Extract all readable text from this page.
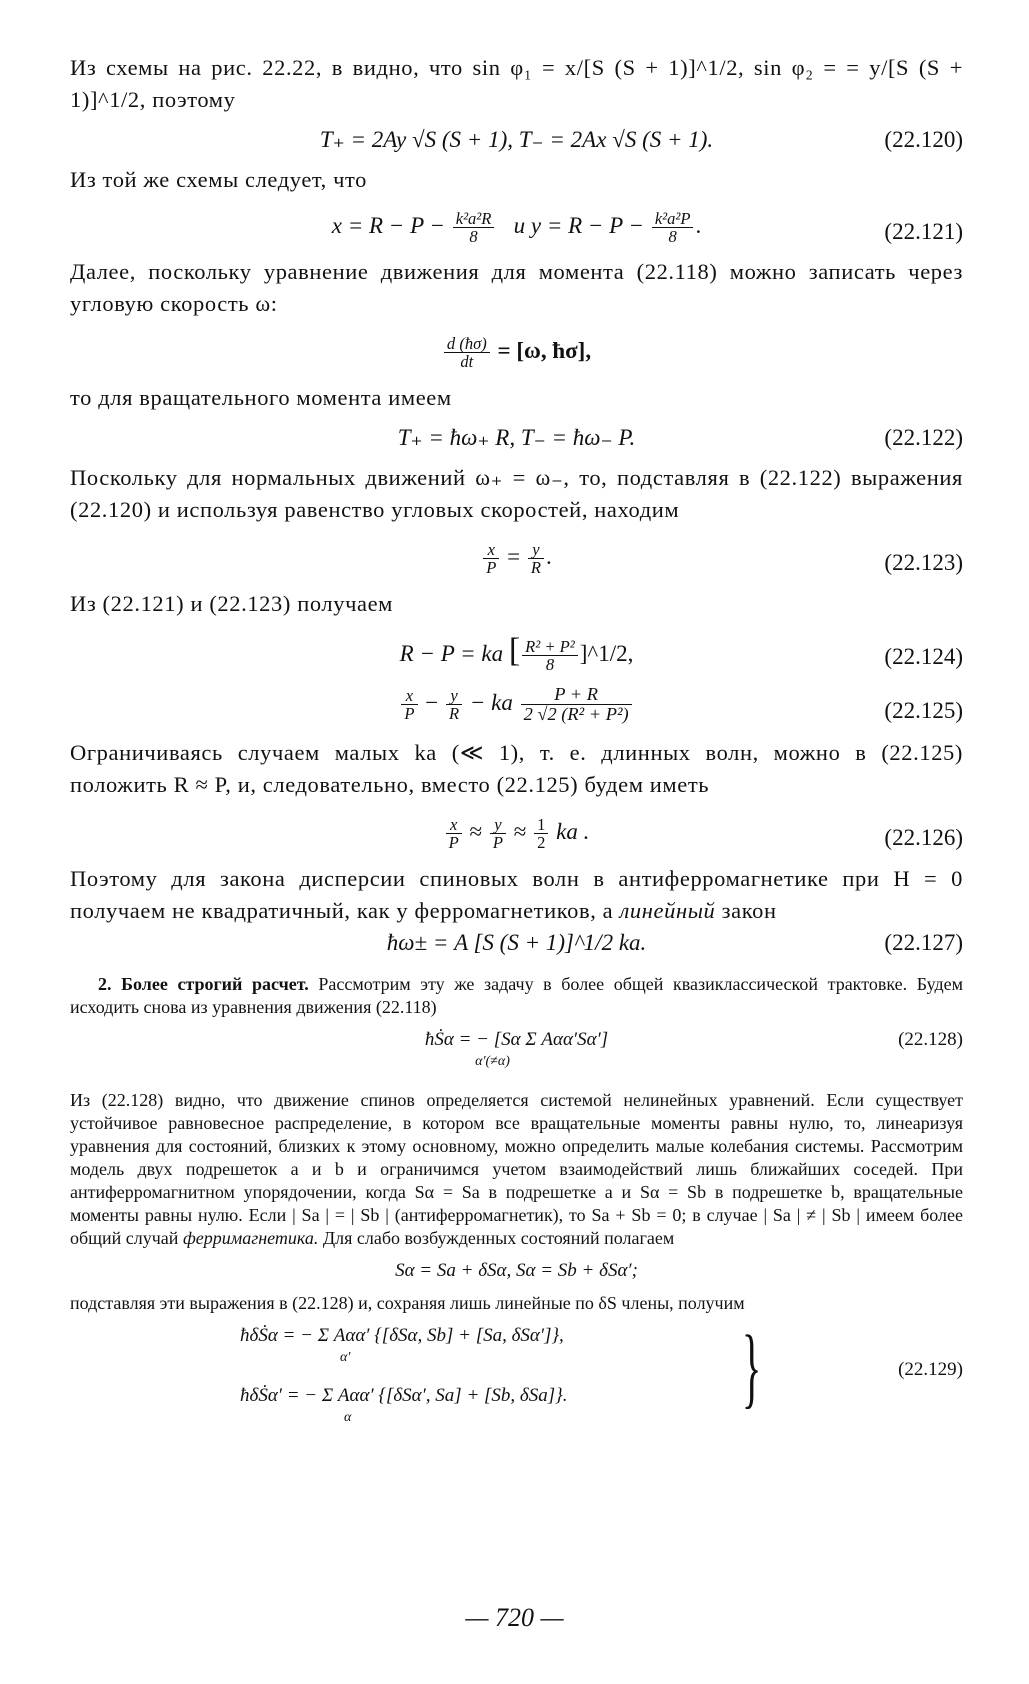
Из схемы на рис. 22.22, в видно, что sin φ₁ = x/[S (S + 1)]^1/2, sin φ₂ = = y/[S (S + 1)]^1/2, поэтому

T₊ = 2Ay √S (S + 1), T₋ = 2Ax √S (S + 1).	(22.120)

Из той же схемы следует, что

$x = R - P - \frac{\text{k²a²R}}{8}$ и $y = R - P - \frac{\text{k²a²P}}{8}$ .	(22.121)

Далее, поскольку уравнение движения для момента (22.118) можно записать через угловую скорость ω:

$\frac{d (ħ\sigma)}{dt} = [\omega$, ħσ],

то для вращательного момента имеем

T₊ = ħω₊ R, T₋ = ħω₋ P.	(22.122)

Поскольку для нормальных движений ω₊ = ω₋, то, подставляя в (22.122) выражения (22.120) и используя равенство угловых скоростей, находим

$\frac{x}{P} = \frac{y}{R}$ .	(22.123)

Из (22.121) и (22.123) получаем

R − P = ka [ $\frac{\text{R² + P²}}{8}$ ]^1/2,	(22.124)
$\frac{x}{P} - \frac{y}{R}$ − ka $\frac{P + R}{\text{2 √2 (R² + P²)}}$	(22.125)

Ограничиваясь случаем малых ka (≪ 1), т. е. длинных волн, можно в (22.125) положить R ≈ P, и, следовательно, вместо (22.125) будем иметь

$\frac{x}{P} \approx \frac{y}{P} \approx \frac{1}{2}$ ka .	(22.126)

Поэтому для закона дисперсии спиновых волн в антиферромагнетике при H = 0 получаем не квадратичный, как у ферромагнетиков, а линейный закон

ħω± = A [S (S + 1)]^1/2 ka.	(22.127)

2. Более строгий расчет. Рассмотрим эту же задачу в более общей квазиклассической трактовке. Будем исходить снова из уравнения движения (22.118)

ħṠα = − [Sα Σ Aαα′Sα′]
$^{\alpha'(\ne\alpha)}$
(22.128)

Из (22.128) видно, что движение спинов определяется системой нелинейных уравнений. Если существует устойчивое равновесное распределение, в котором все вращательные моменты равны нулю, то, линеаризуя уравнения для состояний, близких к этому основному, можно определить малые колебания системы. Рассмотрим модель двух подрешеток a и b и ограничимся учетом взаимодействий лишь ближайших соседей. При антиферромагнитном упорядочении, когда Sα = Sa в подрешетке a и Sα = Sb в подрешетке b, вращательные моменты равны нулю. Если | Sa | = | Sb | (антиферромагнетик), то Sa + Sb = 0; в случае | Sa | ≠ | Sb | имеем более общий случай ферримагнетика. Для слабо возбужденных состояний полагаем

Sα = Sa + δSα, Sα = Sb + δSα′;

подставляя эти выражения в (22.128) и, сохраняя лишь линейные по δS члены, получим

ħδṠα = − Σ Aαα′ {[δSα, Sb] + [Sa, δSα′]},
$^{\alpha'}$
ħδṠα′ = − Σ Aαα′ {[δSα′, Sa] + [Sb, δSa]}.
$^\alpha$
}	(22.129)
— 720 —
